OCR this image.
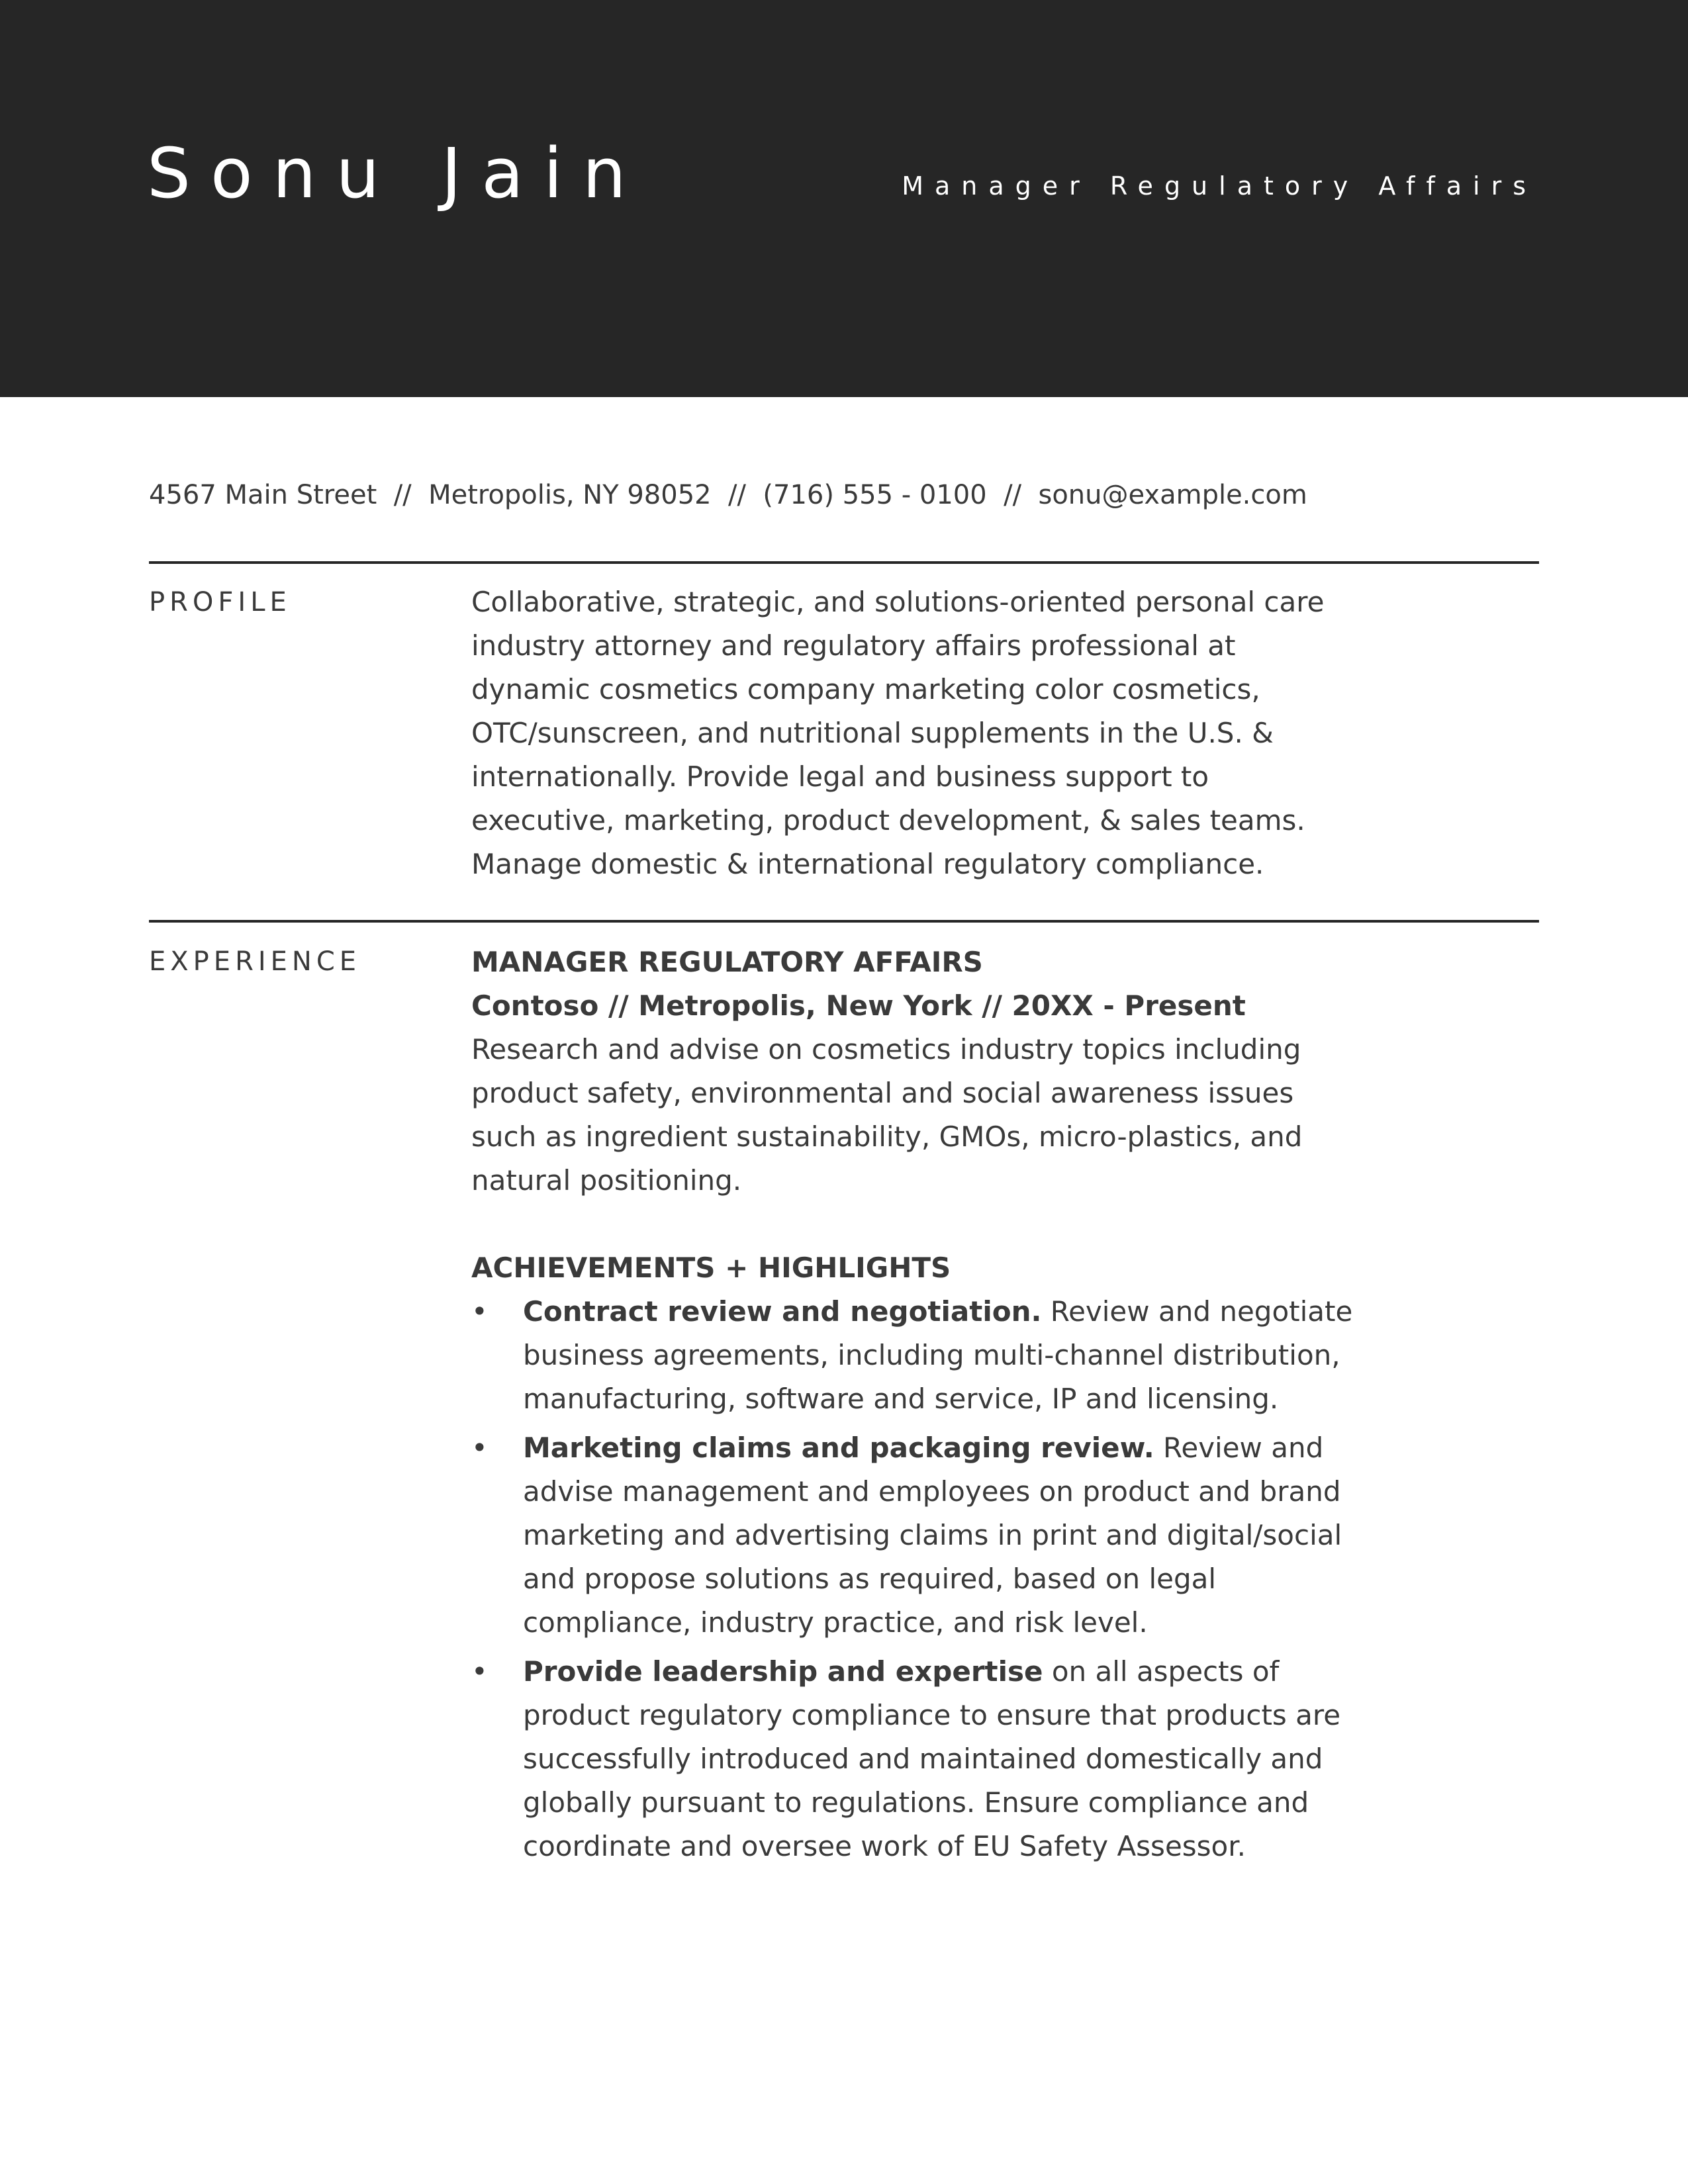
Sonu Jain	Manager Regulatory Affairs
4567 Main Street  //  Metropolis, NY 98052  //  (716) 555 - 0100  //  sonu@example.com
PROFILE	Collaborative, strategic, and solutions-oriented personal care industry attorney and regulatory affairs professional at dynamic cosmetics company marketing color cosmetics, OTC/sunscreen, and nutritional supplements in the U.S. & internationally. Provide legal and business support to executive, marketing, product development, & sales teams. Manage domestic & international regulatory compliance.
EXPERIENCE	MANAGER REGULATORY AFFAIRS
Contoso // Metropolis, New York // 20XX - Present

Research and advise on cosmetics industry topics including product safety, environmental and social awareness issues such as ingredient sustainability, GMOs, micro-plastics, and natural positioning.

ACHIEVEMENTS + HIGHLIGHTS
•	Contract review and negotiation. Review and negotiate business agreements, including multi-channel distribution, manufacturing, software and service, IP and licensing.
•	Marketing claims and packaging review. Review and advise management and employees on product and brand marketing and advertising claims in print and digital/social and propose solutions as required, based on legal compliance, industry practice, and risk level.
•	Provide leadership and expertise on all aspects of product regulatory compliance to ensure that products are successfully introduced and maintained domestically and globally pursuant to regulations. Ensure compliance and coordinate and oversee work of EU Safety Assessor.
